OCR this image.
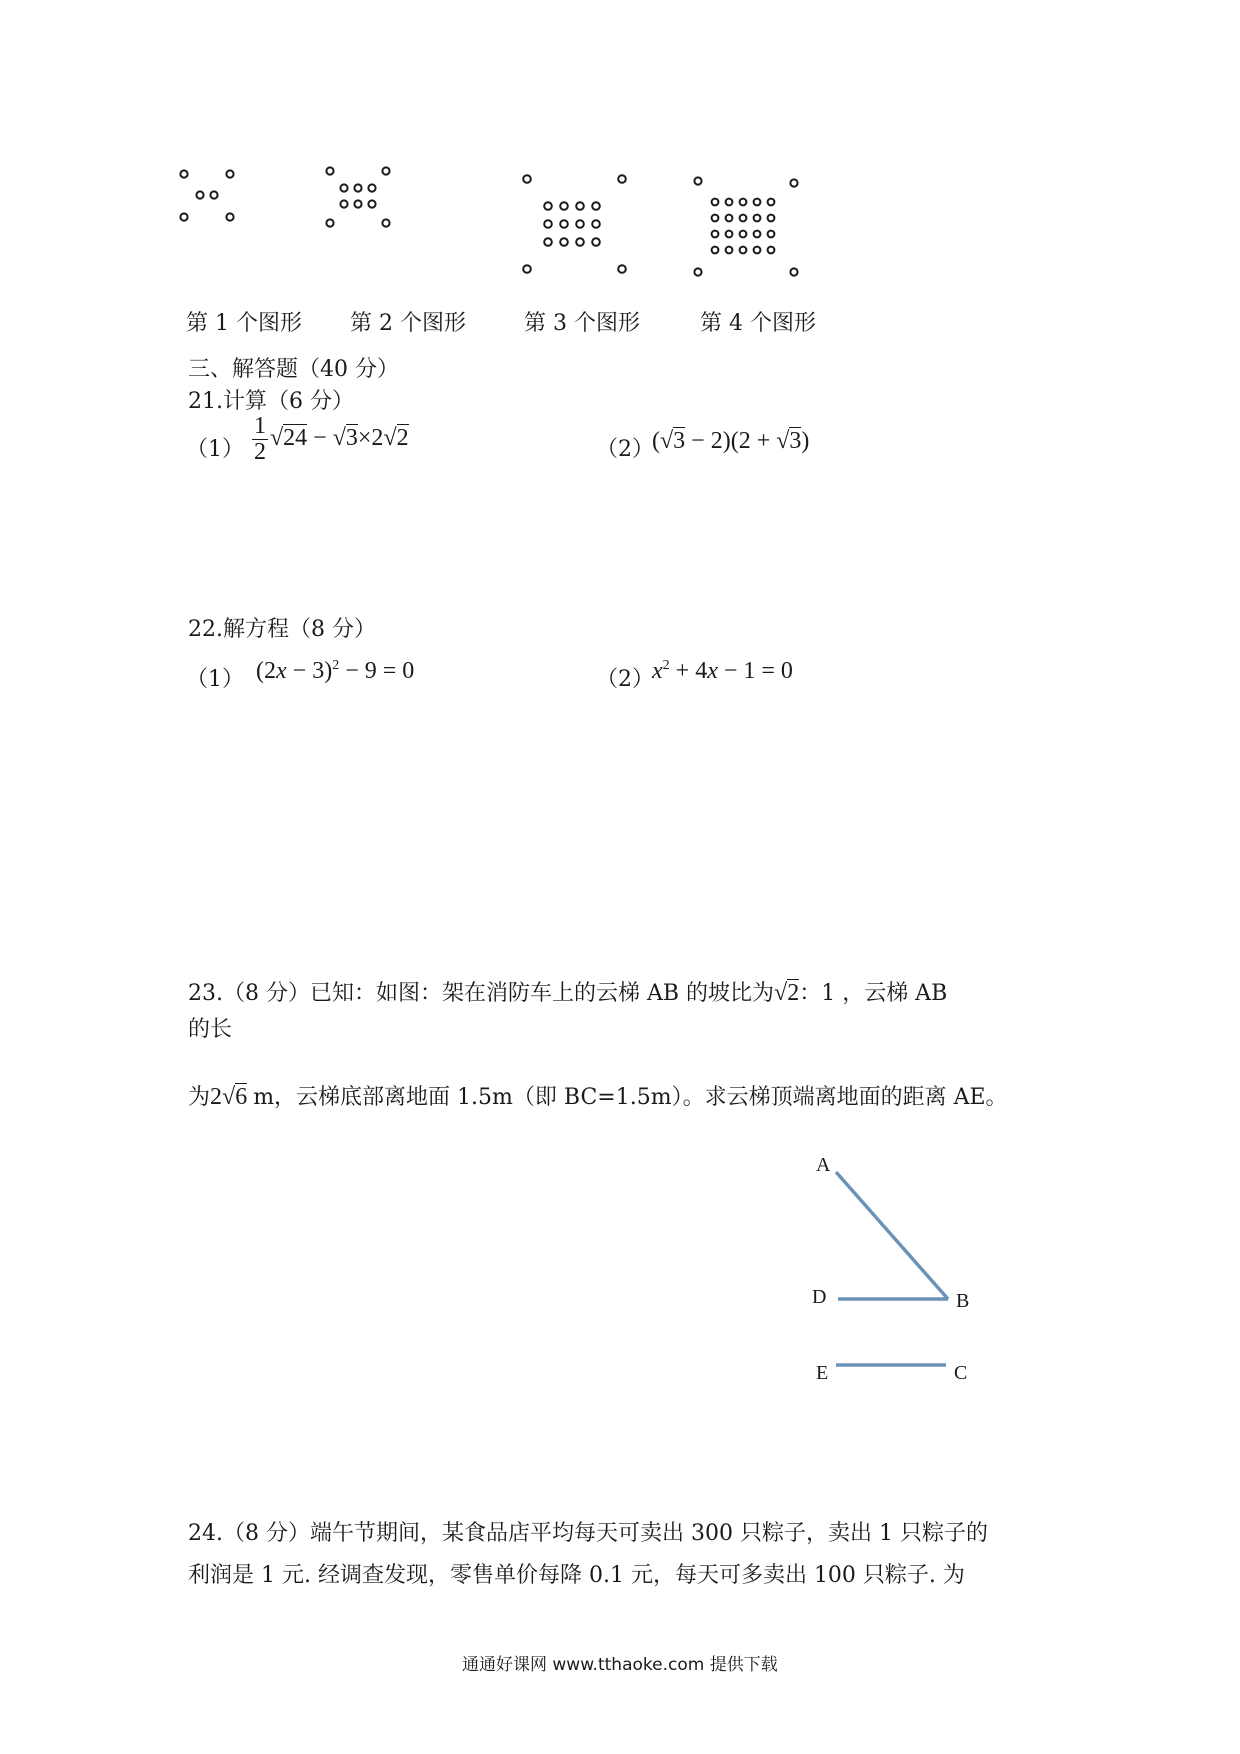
第 1 个图形 第 2 个图形	第 3 个图形	第 4 个图形
三、解答题（40 分）
21.计算（6 分）
$(1) \frac{1}{2} √24 - √3\times 2√2$	（2）
(√3 − 2)(2 + √3)
22.解方程（8 分）
（1） $(2x - 3)^2 - 9 = 0$	（2）
$x^2 + 4x - 1 = 0$
23.（8 分）已知：如图：架在消防车上的云梯 AB 的坡比为√2：1 ，云梯 AB
的长
为2√6 m，云梯底部离地面 1.5m（即 BC=1.5m）。求云梯顶端离地面的距离 AE。
A
D	B
E	C
24.（8 分）端午节期间，某食品店平均每天可卖出 300 只粽子，卖出 1 只粽子的
利润是 1 元. 经调查发现，零售单价每降 0.1 元，每天可多卖出 100 只粽子. 为
通通好课网 www.tthaoke.com 提供下载
